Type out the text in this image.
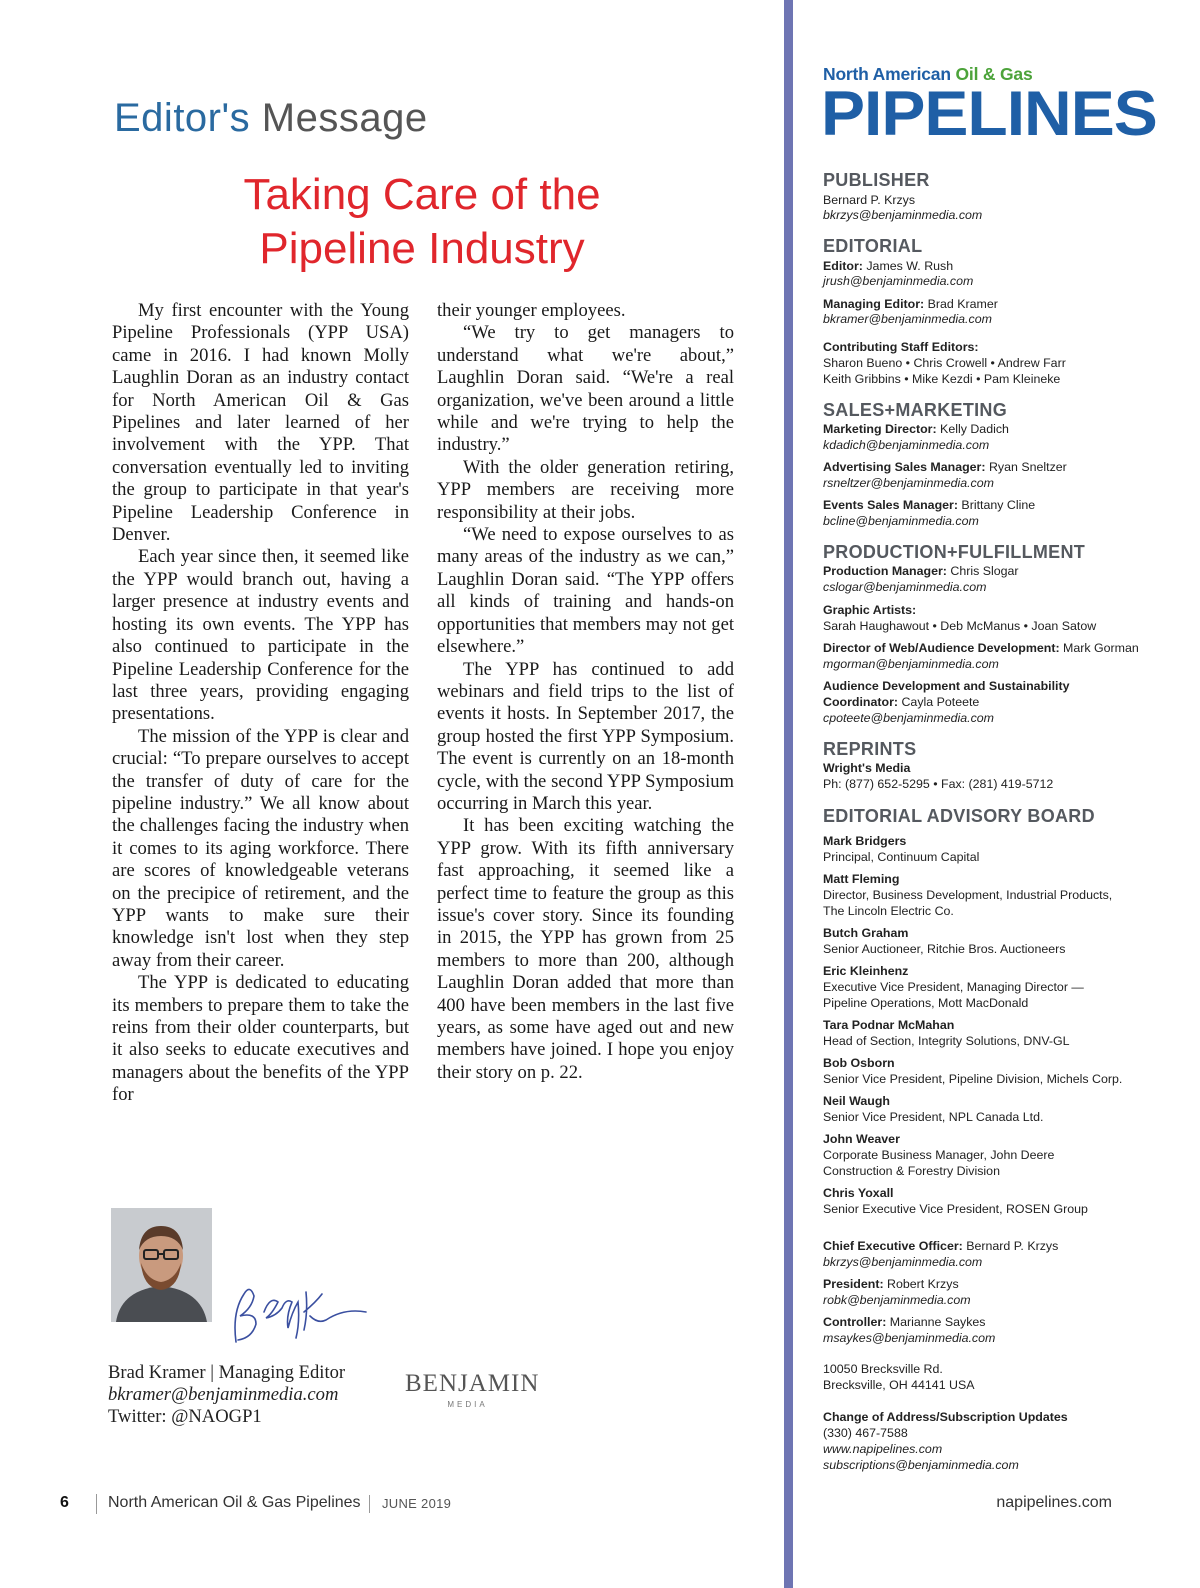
Editor's Message
Taking Care of the
Pipeline Industry

My first encounter with the Young Pipeline Professionals (YPP USA) came in 2016. I had known Molly Laughlin Doran as an industry contact for North American Oil & Gas Pipelines and later learned of her involvement with the YPP. That conversation eventually led to inviting the group to participate in that year's Pipeline Leadership Conference in Denver.

Each year since then, it seemed like the YPP would branch out, having a larger presence at industry events and hosting its own events. The YPP has also continued to participate in the Pipeline Leadership Conference for the last three years, providing engaging presentations.

The mission of the YPP is clear and crucial: “To prepare ourselves to accept the transfer of duty of care for the pipeline industry.” We all know about the challenges facing the industry when it comes to its aging workforce. There are scores of knowledgeable veterans on the precipice of retirement, and the YPP wants to make sure their knowledge isn't lost when they step away from their career.

The YPP is dedicated to educating its members to prepare them to take the reins from their older counterparts, but it also seeks to educate executives and managers about the benefits of the YPP for

their younger employees.

“We try to get managers to understand what we're about,” Laughlin Doran said. “We're a real organization, we've been around a little while and we're trying to help the industry.”

With the older generation retiring, YPP members are receiving more responsibility at their jobs.

“We need to expose ourselves to as many areas of the industry as we can,” Laughlin Doran said. “The YPP offers all kinds of training and hands-on opportunities that members may not get elsewhere.”

The YPP has continued to add webinars and field trips to the list of events it hosts. In September 2017, the group hosted the first YPP Symposium. The event is currently on an 18-month cycle, with the second YPP Symposium occurring in March this year.

It has been exciting watching the YPP grow. With its fifth anniversary fast approaching, it seemed like a perfect time to feature the group as this issue's cover story. Since its founding in 2015, the YPP has grown from 25 members to more than 200, although Laughlin Doran added that more than 400 have been members in the last five years, as some have aged out and new members have joined. I hope you enjoy their story on p. 22.

Brad Kramer | Managing Editor
bkramer@benjaminmedia.com
Twitter: @NAOGP1
BENJAMIN
MEDIA
North American Oil & Gas
PIPELINES
PUBLISHER
Bernard P. Krzys
bkrzys@benjaminmedia.com
EDITORIAL
Editor: James W. Rush
jrush@benjaminmedia.com
Managing Editor: Brad Kramer
bkramer@benjaminmedia.com
Contributing Staff Editors:
Sharon Bueno • Chris Crowell • Andrew Farr
Keith Gribbins • Mike Kezdi • Pam Kleineke
SALES+MARKETING
Marketing Director: Kelly Dadich
kdadich@benjaminmedia.com
Advertising Sales Manager: Ryan Sneltzer
rsneltzer@benjaminmedia.com
Events Sales Manager: Brittany Cline
bcline@benjaminmedia.com
PRODUCTION+FULFILLMENT
Production Manager: Chris Slogar
cslogar@benjaminmedia.com
Graphic Artists:
Sarah Haughawout • Deb McManus • Joan Satow
Director of Web/Audience Development: Mark Gorman
mgorman@benjaminmedia.com
Audience Development and Sustainability
Coordinator: Cayla Poteete
cpoteete@benjaminmedia.com
REPRINTS
Wright's Media
Ph: (877) 652-5295 • Fax: (281) 419-5712
EDITORIAL ADVISORY BOARD
Mark Bridgers
Principal, Continuum Capital
Matt Fleming
Director, Business Development, Industrial Products,
The Lincoln Electric Co.
Butch Graham
Senior Auctioneer, Ritchie Bros. Auctioneers
Eric Kleinhenz
Executive Vice President, Managing Director —
Pipeline Operations, Mott MacDonald
Tara Podnar McMahan
Head of Section, Integrity Solutions, DNV-GL
Bob Osborn
Senior Vice President, Pipeline Division, Michels Corp.
Neil Waugh
Senior Vice President, NPL Canada Ltd.
John Weaver
Corporate Business Manager, John Deere
Construction & Forestry Division
Chris Yoxall
Senior Executive Vice President, ROSEN Group
Chief Executive Officer: Bernard P. Krzys
bkrzys@benjaminmedia.com
President: Robert Krzys
robk@benjaminmedia.com
Controller: Marianne Saykes
msaykes@benjaminmedia.com
10050 Brecksville Rd.
Brecksville, OH 44141 USA
Change of Address/Subscription Updates
(330) 467-7588
www.napipelines.com
subscriptions@benjaminmedia.com
6 North American Oil & Gas Pipelines JUNE 2019	napipelines.com
